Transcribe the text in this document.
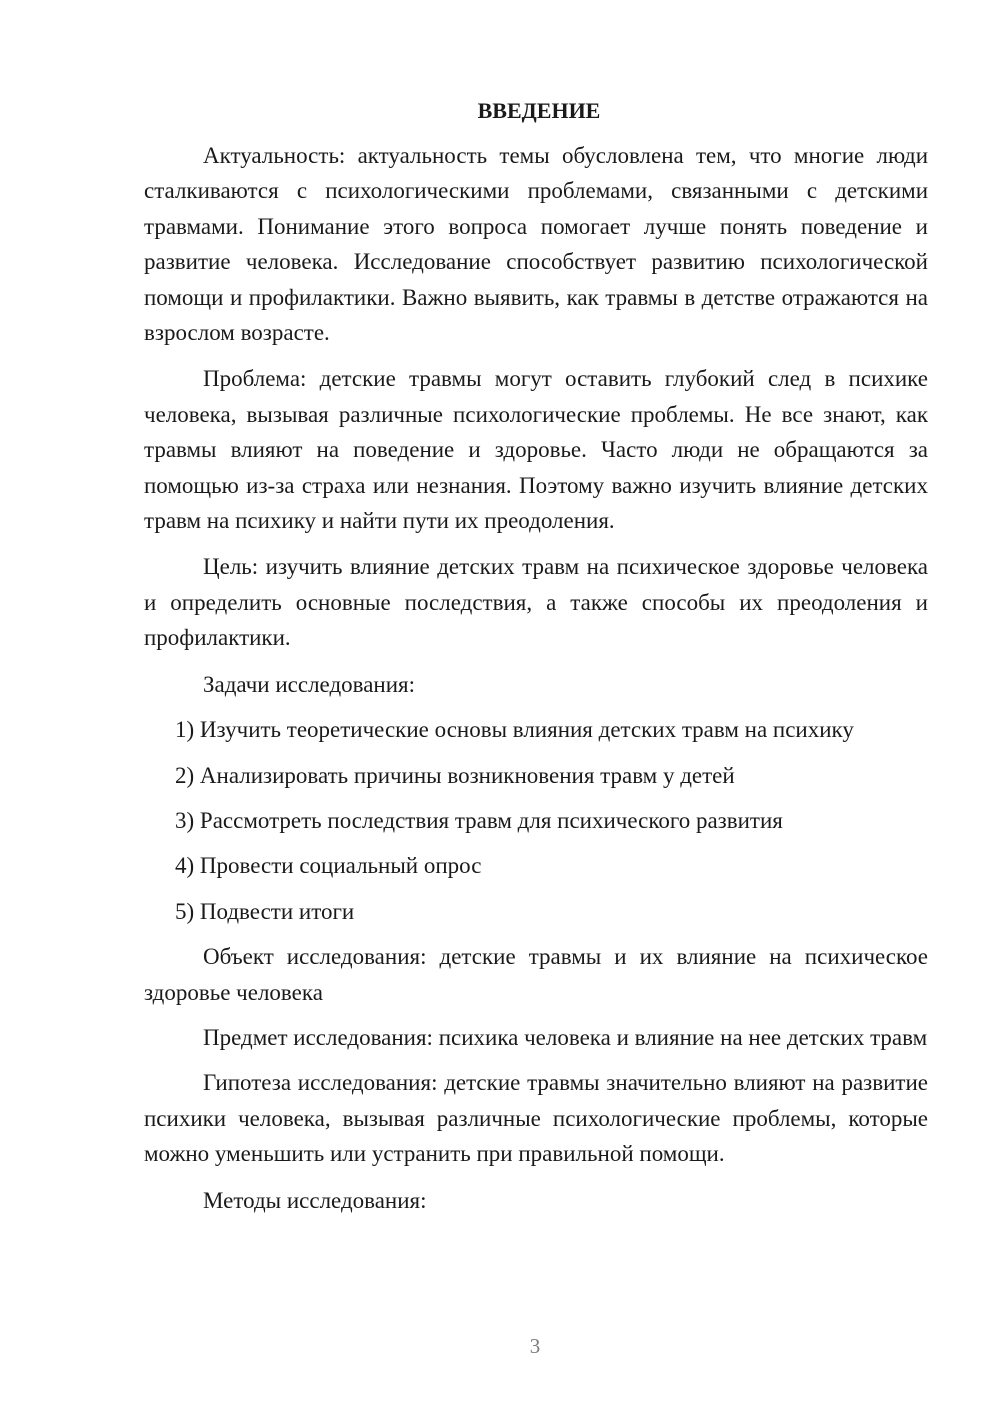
ВВЕДЕНИЕ

Актуальность: актуальность темы обусловлена тем, что многие люди сталкиваются с психологическими проблемами, связанными с детскими травмами. Понимание этого вопроса помогает лучше понять поведение и развитие человека. Исследование способствует развитию психологической помощи и профилактики. Важно выявить, как травмы в детстве отражаются на взрослом возрасте.

Проблема: детские травмы могут оставить глубокий след в психике человека, вызывая различные психологические проблемы. Не все знают, как травмы влияют на поведение и здоровье. Часто люди не обращаются за помощью из-за страха или незнания. Поэтому важно изучить влияние детских травм на психику и найти пути их преодоления.

Цель: изучить влияние детских травм на психическое здоровье человека и определить основные последствия, а также способы их преодоления и профилактики.

Задачи исследования:

1) Изучить теоретические основы влияния детских травм на психику
2) Анализировать причины возникновения травм у детей
3) Рассмотреть последствия травм для психического развития
4) Провести социальный опрос
5) Подвести итоги

Объект исследования: детские травмы и их влияние на психическое здоровье человека

Предмет исследования: психика человека и влияние на нее детских травм

Гипотеза исследования: детские травмы значительно влияют на развитие психики человека, вызывая различные психологические проблемы, которые можно уменьшить или устранить при правильной помощи.

Методы исследования:

3
